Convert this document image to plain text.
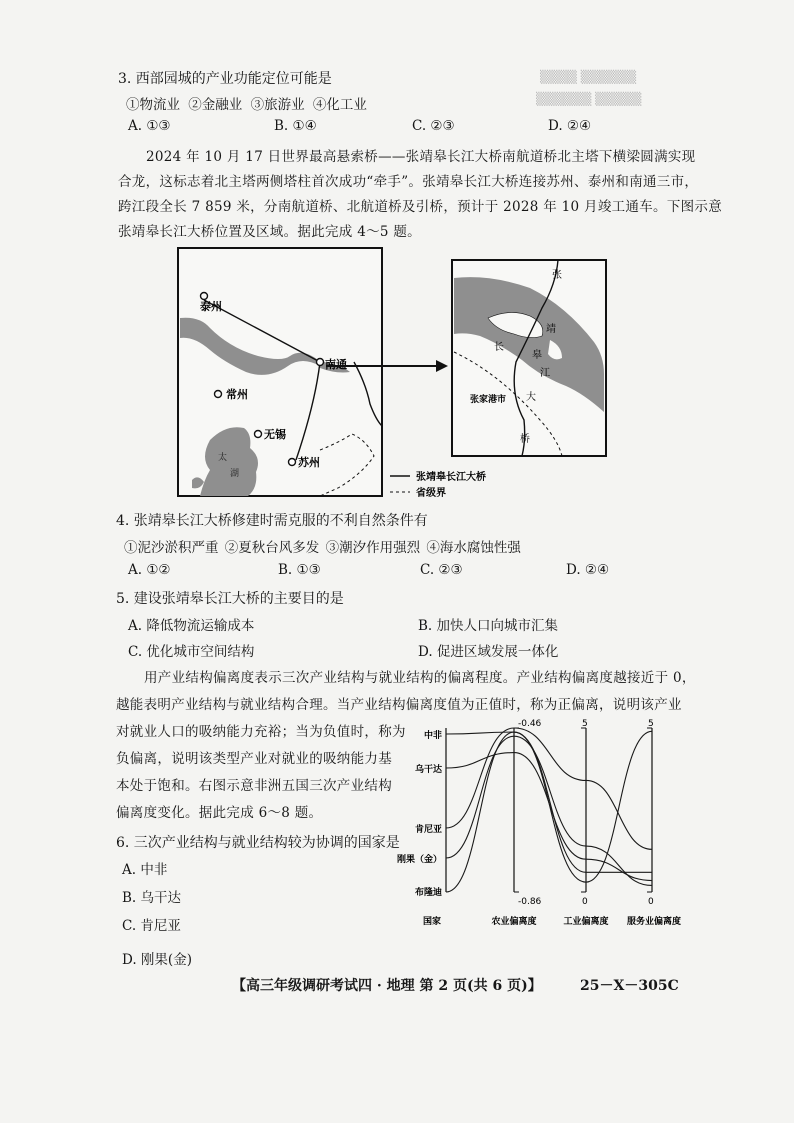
▒▒▒▒ ▒▒▒▒▒▒
▒▒▒▒▒▒ ▒▒▒▒▒
3. 西部园城的产业功能定位可能是
①物流业 ②金融业 ③旅游业 ④化工业
A. ①③	B. ①④	C. ②③	D. ②④
2024 年 10 月 17 日世界最高悬索桥——张靖皋长江大桥南航道桥北主塔下横梁圆满实现
合龙，这标志着北主塔两侧塔柱首次成功“牵手”。张靖皋长江大桥连接苏州、泰州和南通三市，
跨江段全长 7 859 米，分南航道桥、北航道桥及引桥，预计于 2028 年 10 月竣工通车。下图示意
张靖皋长江大桥位置及区域。据此完成 4～5 题。
泰州
南通
常州
无锡
苏州
太
湖
张
靖
皋
长
江
大
桥
张家港市
张靖皋长江大桥
省级界
4. 张靖皋长江大桥修建时需克服的不利自然条件有
①泥沙淤积严重 ②夏秋台风多发 ③潮汐作用强烈 ④海水腐蚀性强
A. ①②	B. ①③	C. ②③	D. ②④
5. 建设张靖皋长江大桥的主要目的是
A. 降低物流运输成本	B. 加快人口向城市汇集
C. 优化城市空间结构	D. 促进区域发展一体化
用产业结构偏离度表示三次产业结构与就业结构的偏离程度。产业结构偏离度越接近于 0，
越能表明产业结构与就业结构合理。当产业结构偏离度值为正值时，称为正偏离，说明该产业
对就业人口的吸纳能力充裕；当为负值时，称为
负偏离，说明该类型产业对就业的吸纳能力基
本处于饱和。右图示意非洲五国三次产业结构
偏离度变化。据此完成 6～8 题。
-0.46
-0.86
5
0
5
0
中非
乌干达
肯尼亚
刚果（金）
布隆迪
国家	农业偏离度	工业偏离度 服务业偏离度
6. 三次产业结构与就业结构较为协调的国家是
A. 中非
B. 乌干达
C. 肯尼亚
D. 刚果(金)
【高三年级调研考试四 · 地理 第 2 页(共 6 页)】	25－X－305C
